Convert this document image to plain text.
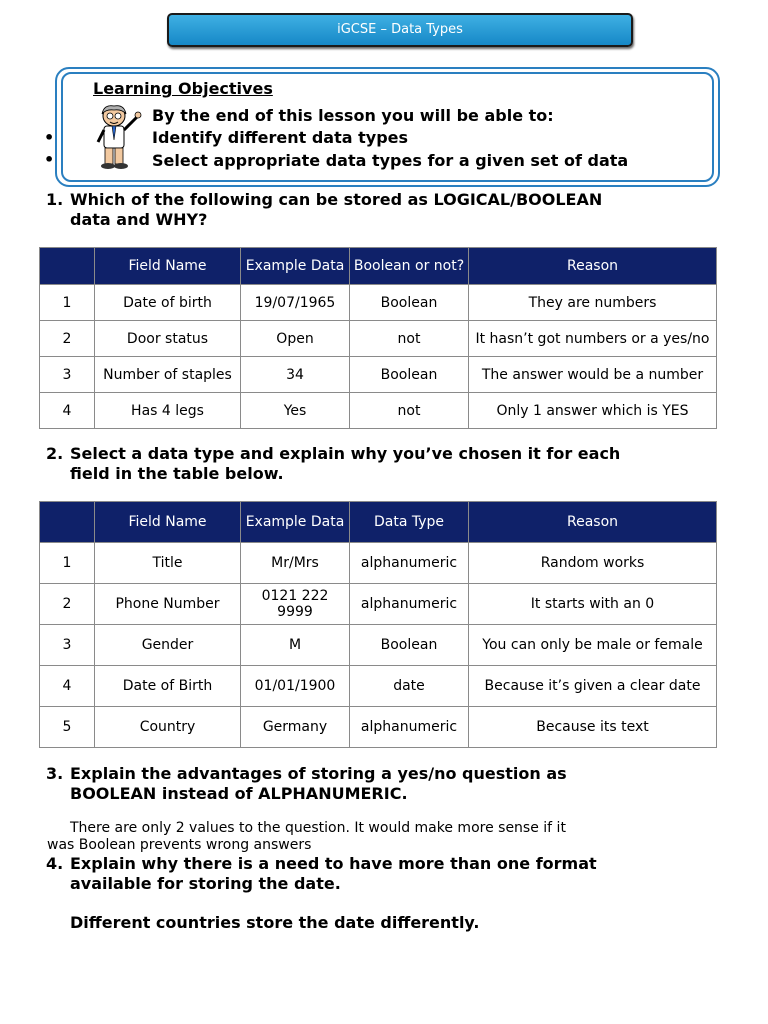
iGCSE – Data Types
•
•
Learning Objectives
By the end of this lesson you will be able to:
Identify different data types
Select appropriate data types for a given set of data
1. Which of the following can be stored as LOGICAL/BOOLEAN
data and WHY?
	Field Name	Example Data	Boolean or not?	Reason
1	Date of birth	19/07/1965	Boolean	They are numbers
2	Door status	Open	not	It hasn’t got numbers or a yes/no
3	Number of staples	34	Boolean	The answer would be a number
4	Has 4 legs	Yes	not	Only 1 answer which is YES
2. Select a data type and explain why you’ve chosen it for each
field in the table below.
	Field Name	Example Data	Data Type	Reason
1	Title	Mr/Mrs	alphanumeric	Random works
2	Phone Number	0121 222 9999	alphanumeric	It starts with an 0
3	Gender	M	Boolean	You can only be male or female
4	Date of Birth	01/01/1900	date	Because it’s given a clear date
5	Country	Germany	alphanumeric	Because its text
3. Explain the advantages of storing a yes/no question as
BOOLEAN instead of ALPHANUMERIC.
There are only 2 values to the question. It would make more sense if it
was Boolean prevents wrong answers
4. Explain why there is a need to have more than one format
available for storing the date.
Different countries store the date differently.
